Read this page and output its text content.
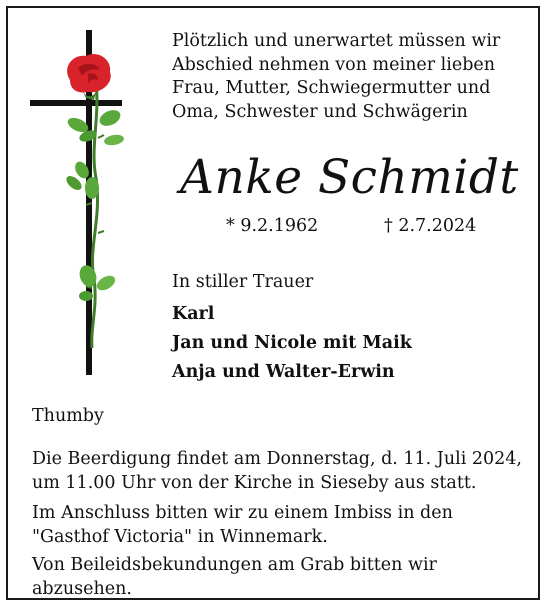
Plötzlich und unerwartet müssen wir
Abschied nehmen von meiner lieben
Frau, Mutter, Schwiegermutter und
Oma, Schwester und Schwägerin
Anke Schmidt
* 9.2.1962	† 2.7.2024
In stiller Trauer
Karl
Jan und Nicole mit Maik
Anja und Walter-Erwin
Thumby
Die Beerdigung findet am Donnerstag, d. 11. Juli 2024,
um 11.00 Uhr von der Kirche in Sieseby aus statt.
Im Anschluss bitten wir zu einem Imbiss in den
"Gasthof Victoria" in Winnemark.
Von Beileidsbekundungen am Grab bitten wir
abzusehen.
